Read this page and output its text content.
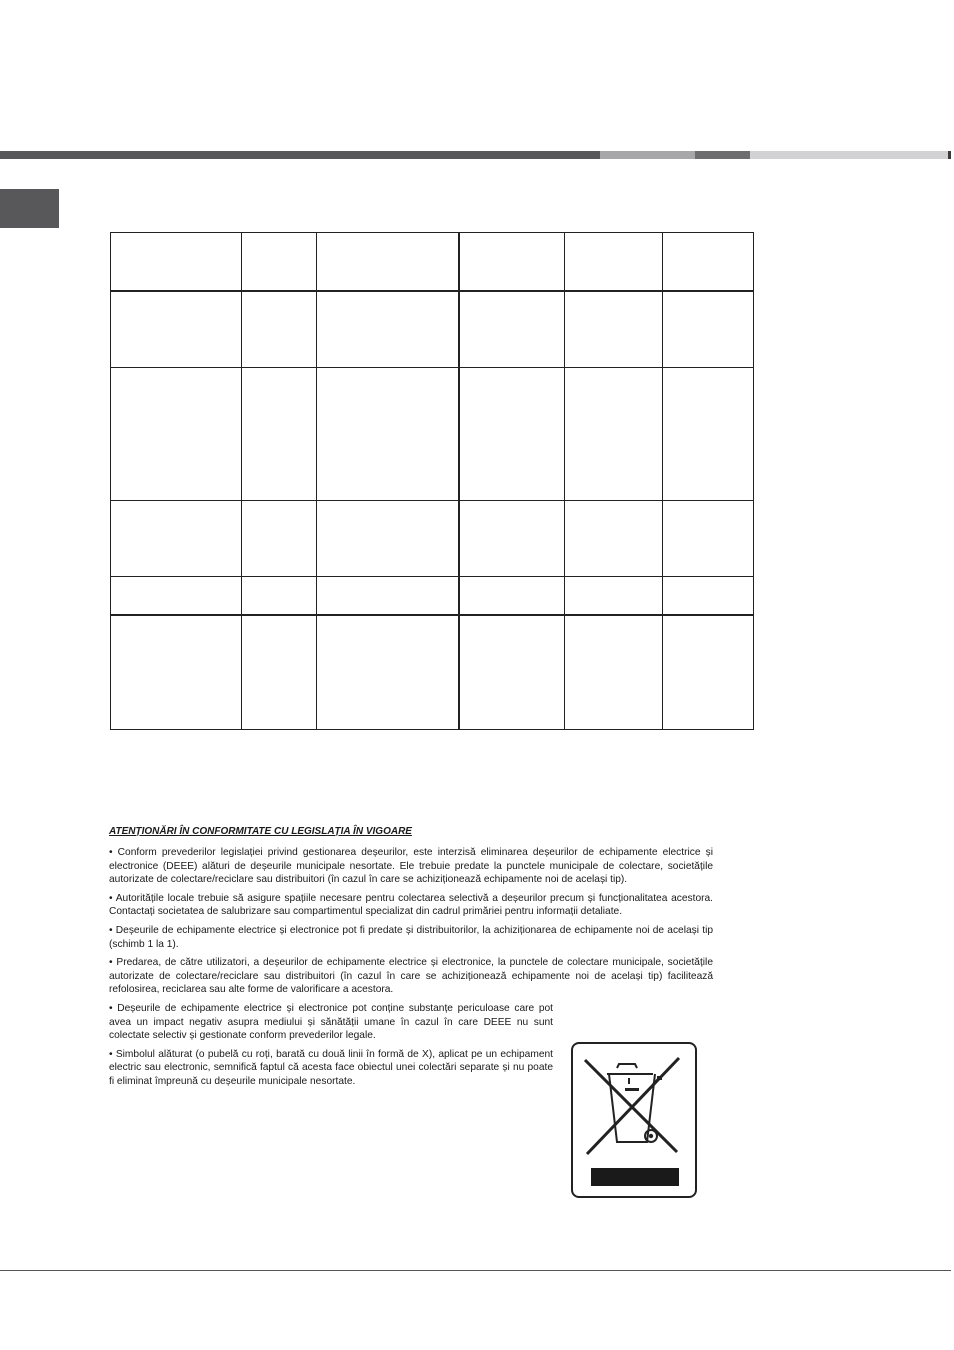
ATENȚIONĂRI ÎN CONFORMITATE CU LEGISLAȚIA ÎN VIGOARE

• Conform prevederilor legislației privind gestionarea deșeurilor, este interzisă eliminarea deșeurilor de echipamente electrice și electronice (DEEE) alături de deșeurile municipale nesortate. Ele trebuie predate la punctele municipale de colectare, societățile autorizate de colectare/reciclare sau distribuitori (în cazul în care se achiziționează echipamente noi de același tip).

• Autoritățile locale trebuie să asigure spațiile necesare pentru colectarea selectivă a deșeurilor precum și funcționalitatea acestora. Contactați societatea de salubrizare sau compartimentul specializat din cadrul primăriei pentru informații detaliate.

• Deșeurile de echipamente electrice și electronice pot fi predate și distribuitorilor, la achiziționarea de echipamente noi de același tip (schimb 1 la 1).

• Predarea, de către utilizatori, a deșeurilor de echipamente electrice și electronice, la punctele de colectare municipale, societățile autorizate de colectare/reciclare sau distribuitori (în cazul în care se achiziționează echipamente noi de același tip) facilitează refolosirea, reciclarea sau alte forme de valorificare a acestora.

• Deșeurile de echipamente electrice și electronice pot conține substanțe periculoase care pot avea un impact negativ asupra mediului și sănătății umane în cazul în care DEEE nu sunt colectate selectiv și gestionate conform prevederilor legale.

• Simbolul alăturat (o pubelă cu roți, barată cu două linii în formă de X), aplicat pe un echipament electric sau electronic, semnifică faptul că acesta face obiectul unei colectări separate și nu poate fi eliminat împreună cu deșeurile municipale nesortate.
